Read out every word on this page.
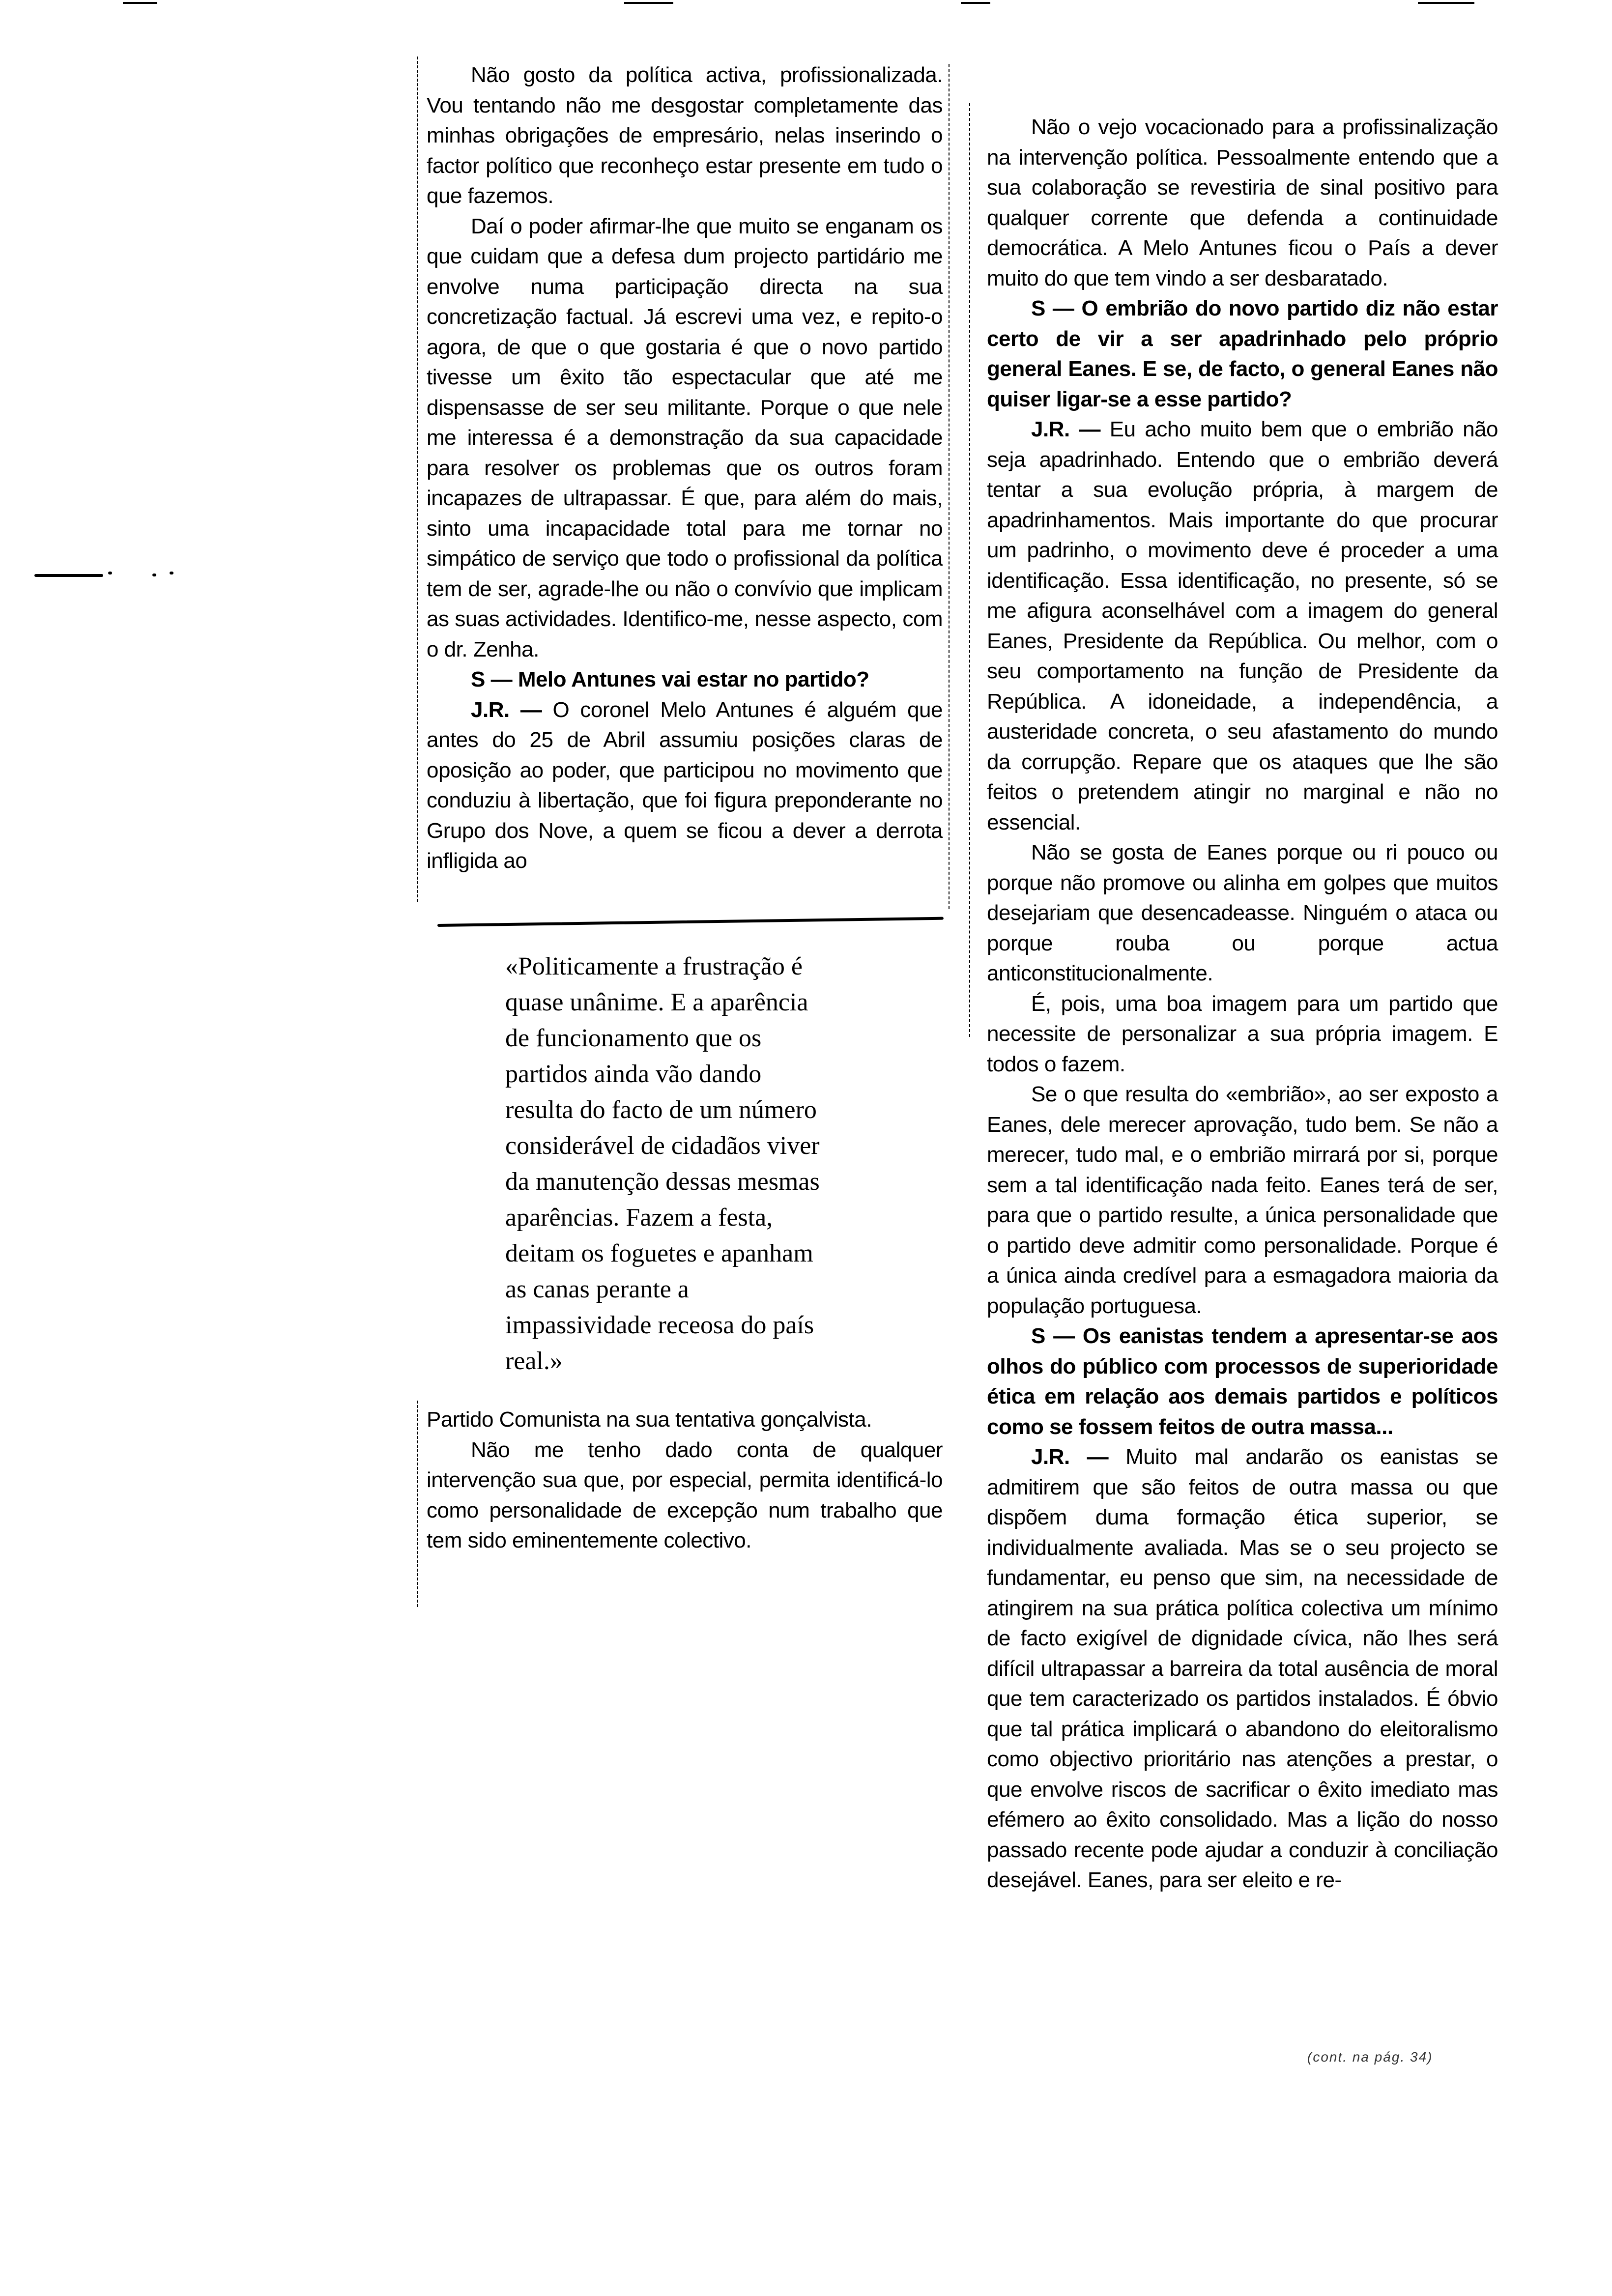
Não gosto da política activa, profissionalizada. Vou tentando não me desgostar completamente das minhas obrigações de empresário, nelas inserindo o factor político que reconheço estar presente em tudo o que fazemos.

Daí o poder afirmar-lhe que muito se enganam os que cuidam que a defesa dum projecto partidário me envolve numa participação directa na sua concretização factual. Já escrevi uma vez, e repito-o agora, de que o que gostaria é que o novo partido tivesse um êxito tão espectacular que até me dispensasse de ser seu militante. Porque o que nele me interessa é a demonstração da sua capacidade para resolver os problemas que os outros foram incapazes de ultrapassar. É que, para além do mais, sinto uma incapacidade total para me tornar no simpático de serviço que todo o profissional da política tem de ser, agrade-lhe ou não o convívio que implicam as suas actividades. Identifico-me, nesse aspecto, com o dr. Zenha.

S — Melo Antunes vai estar no partido?

J.R. — O coronel Melo Antunes é alguém que antes do 25 de Abril assumiu posições claras de oposição ao poder, que participou no movimento que conduziu à libertação, que foi figura preponderante no Grupo dos Nove, a quem se ficou a dever a derrota infligida ao

«Politicamente a frustração é
quase unânime. E a aparência
de funcionamento que os
partidos ainda vão dando
resulta do facto de um número
considerável de cidadãos viver
da manutenção dessas mesmas
aparências. Fazem a festa,
deitam os foguetes e apanham
as canas perante a
impassividade receosa do país
real.»

Partido Comunista na sua tentativa gonçalvista.

Não me tenho dado conta de qualquer intervenção sua que, por especial, permita identificá-lo como personalidade de excepção num trabalho que tem sido eminentemente colectivo.

Não o vejo vocacionado para a profissinalização na intervenção política. Pessoalmente entendo que a sua colaboração se revestiria de sinal positivo para qualquer corrente que defenda a continuidade democrática. A Melo Antunes ficou o País a dever muito do que tem vindo a ser desbaratado.

S — O embrião do novo partido diz não estar certo de vir a ser apadrinhado pelo próprio general Eanes. E se, de facto, o general Eanes não quiser ligar-se a esse partido?

J.R. — Eu acho muito bem que o embrião não seja apadrinhado. Entendo que o embrião deverá tentar a sua evolução própria, à margem de apadrinhamentos. Mais importante do que procurar um padrinho, o movimento deve é proceder a uma identificação. Essa identificação, no presente, só se me afigura aconselhável com a imagem do general Eanes, Presidente da República. Ou melhor, com o seu comportamento na função de Presidente da República. A idoneidade, a independência, a austeridade concreta, o seu afastamento do mundo da corrupção. Repare que os ataques que lhe são feitos o pretendem atingir no marginal e não no essencial.

Não se gosta de Eanes porque ou ri pouco ou porque não promove ou alinha em golpes que muitos desejariam que desencadeasse. Ninguém o ataca ou porque rouba ou porque actua anticonstitucionalmente.

É, pois, uma boa imagem para um partido que necessite de personalizar a sua própria imagem. E todos o fazem.

Se o que resulta do «embrião», ao ser exposto a Eanes, dele merecer aprovação, tudo bem. Se não a merecer, tudo mal, e o embrião mirrará por si, porque sem a tal identificação nada feito. Eanes terá de ser, para que o partido resulte, a única personalidade que o partido deve admitir como personalidade. Porque é a única ainda credível para a esmagadora maioria da população portuguesa.

S — Os eanistas tendem a apresentar-se aos olhos do público com processos de superioridade ética em relação aos demais partidos e políticos como se fossem feitos de outra massa...

J.R. — Muito mal andarão os eanistas se admitirem que são feitos de outra massa ou que dispõem duma formação ética superior, se individualmente avaliada. Mas se o seu projecto se fundamentar, eu penso que sim, na necessidade de atingirem na sua prática política colectiva um mínimo de facto exigível de dignidade cívica, não lhes será difícil ultrapassar a barreira da total ausência de moral que tem caracterizado os partidos instalados. É óbvio que tal prática implicará o abandono do eleitoralismo como objectivo prioritário nas atenções a prestar, o que envolve riscos de sacrificar o êxito imediato mas efémero ao êxito consolidado. Mas a lição do nosso passado recente pode ajudar a conduzir à conciliação desejável. Eanes, para ser eleito e re-

(cont. na pág. 34)
